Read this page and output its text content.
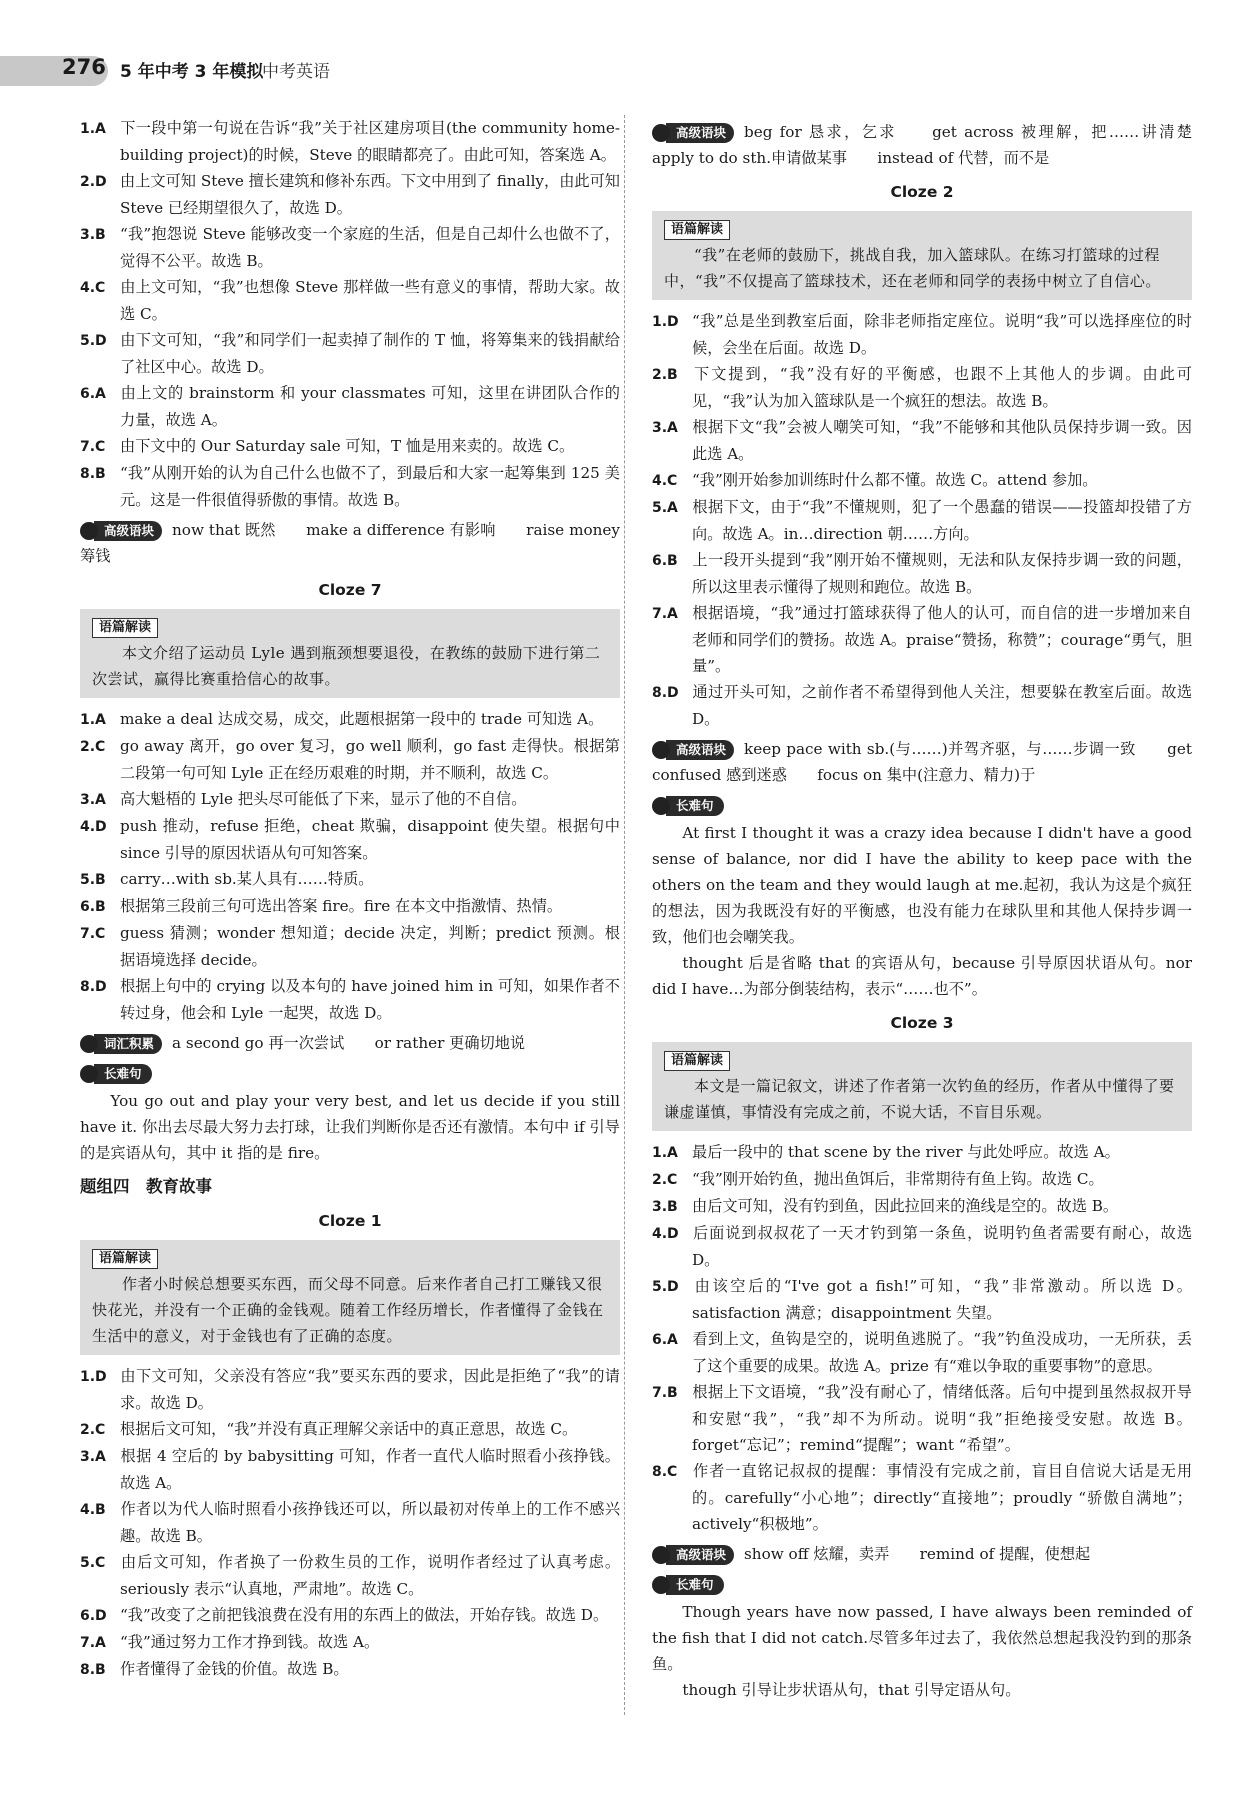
276 5 年中考 3 年模拟
中考英语

1.A 下一段中第一句说在告诉“我”关于社区建房项目(the community home-building project)的时候，Steve 的眼睛都亮了。由此可知，答案选 A。

2.D 由上文可知 Steve 擅长建筑和修补东西。下文中用到了 finally，由此可知 Steve 已经期望很久了，故选 D。

3.B “我”抱怨说 Steve 能够改变一个家庭的生活，但是自己却什么也做不了，觉得不公平。故选 B。

4.C 由上文可知，“我”也想像 Steve 那样做一些有意义的事情，帮助大家。故选 C。

5.D 由下文可知，“我”和同学们一起卖掉了制作的 T 恤，将筹集来的钱捐献给了社区中心。故选 D。

6.A 由上文的 brainstorm 和 your classmates 可知，这里在讲团队合作的力量，故选 A。

7.C 由下文中的 Our Saturday sale 可知，T 恤是用来卖的。故选 C。

8.B “我”从刚开始的认为自己什么也做不了，到最后和大家一起筹集到 125 美元。这是一件很值得骄傲的事情。故选 B。

高级语块	now that 既然　　make a difference 有影响　　raise money 筹钱

Cloze 7
语篇解读

本文介绍了运动员 Lyle 遇到瓶颈想要退役，在教练的鼓励下进行第二次尝试，赢得比赛重拾信心的故事。

1.A make a deal 达成交易，成交，此题根据第一段中的 trade 可知选 A。

2.C go away 离开，go over 复习，go well 顺利，go fast 走得快。根据第二段第一句可知 Lyle 正在经历艰难的时期，并不顺利，故选 C。

3.A 高大魁梧的 Lyle 把头尽可能低了下来，显示了他的不自信。

4.D push 推动，refuse 拒绝，cheat 欺骗，disappoint 使失望。根据句中 since 引导的原因状语从句可知答案。

5.B carry…with sb.某人具有……特质。

6.B 根据第三段前三句可选出答案 fire。fire 在本文中指激情、热情。

7.C guess 猜测；wonder 想知道；decide 决定，判断；predict 预测。根据语境选择 decide。

8.D 根据上句中的 crying 以及本句的 have joined him in 可知，如果作者不转过身，他会和 Lyle 一起哭，故选 D。

词汇积累	a second go 再一次尝试　　or rather 更确切地说

长难句

You go out and play your very best, and let us decide if you still have it. 你出去尽最大努力去打球，让我们判断你是否还有激情。本句中 if 引导的是宾语从句，其中 it 指的是 fire。

题组四　教育故事
Cloze 1
语篇解读

作者小时候总想要买东西，而父母不同意。后来作者自己打工赚钱又很快花光，并没有一个正确的金钱观。随着工作经历增长，作者懂得了金钱在生活中的意义，对于金钱也有了正确的态度。

1.D 由下文可知，父亲没有答应“我”要买东西的要求，因此是拒绝了“我”的请求。故选 D。

2.C 根据后文可知，“我”并没有真正理解父亲话中的真正意思，故选 C。

3.A 根据 4 空后的 by babysitting 可知，作者一直代人临时照看小孩挣钱。故选 A。

4.B 作者以为代人临时照看小孩挣钱还可以，所以最初对传单上的工作不感兴趣。故选 B。

5.C 由后文可知，作者换了一份救生员的工作，说明作者经过了认真考虑。seriously 表示“认真地，严肃地”。故选 C。

6.D “我”改变了之前把钱浪费在没有用的东西上的做法，开始存钱。故选 D。

7.A “我”通过努力工作才挣到钱。故选 A。

8.B 作者懂得了金钱的价值。故选 B。

高级语块	beg for 恳求，乞求　　get across 被理解，把……讲清楚　　apply to do sth.申请做某事　　instead of 代替，而不是

Cloze 2
语篇解读

“我”在老师的鼓励下，挑战自我，加入篮球队。在练习打篮球的过程中，“我”不仅提高了篮球技术，还在老师和同学的表扬中树立了自信心。

1.D “我”总是坐到教室后面，除非老师指定座位。说明“我”可以选择座位的时候，会坐在后面。故选 D。

2.B 下文提到，“我”没有好的平衡感，也跟不上其他人的步调。由此可见，“我”认为加入篮球队是一个疯狂的想法。故选 B。

3.A 根据下文“我”会被人嘲笑可知，“我”不能够和其他队员保持步调一致。因此选 A。

4.C “我”刚开始参加训练时什么都不懂。故选 C。attend 参加。

5.A 根据下文，由于“我”不懂规则，犯了一个愚蠢的错误——投篮却投错了方向。故选 A。in…direction 朝……方向。

6.B 上一段开头提到“我”刚开始不懂规则，无法和队友保持步调一致的问题，所以这里表示懂得了规则和跑位。故选 B。

7.A 根据语境，“我”通过打篮球获得了他人的认可，而自信的进一步增加来自老师和同学们的赞扬。故选 A。praise“赞扬，称赞”；courage“勇气，胆量”。

8.D 通过开头可知，之前作者不希望得到他人关注，想要躲在教室后面。故选 D。

高级语块	keep pace with sb.(与……)并驾齐驱，与……步调一致　　get confused 感到迷惑　　focus on 集中(注意力、精力)于

长难句

At first I thought it was a crazy idea because I didn't have a good sense of balance, nor did I have the ability to keep pace with the others on the team and they would laugh at me.起初，我认为这是个疯狂的想法，因为我既没有好的平衡感，也没有能力在球队里和其他人保持步调一致，他们也会嘲笑我。

thought 后是省略 that 的宾语从句，because 引导原因状语从句。nor did I have…为部分倒装结构，表示“……也不”。

Cloze 3
语篇解读

本文是一篇记叙文，讲述了作者第一次钓鱼的经历，作者从中懂得了要谦虚谨慎，事情没有完成之前，不说大话，不盲目乐观。

1.A 最后一段中的 that scene by the river 与此处呼应。故选 A。

2.C “我”刚开始钓鱼，抛出鱼饵后，非常期待有鱼上钩。故选 C。

3.B 由后文可知，没有钓到鱼，因此拉回来的渔线是空的。故选 B。

4.D 后面说到叔叔花了一天才钓到第一条鱼，说明钓鱼者需要有耐心，故选 D。

5.D 由该空后的“I've got a fish!”可知，“我”非常激动。所以选 D。satisfaction 满意；disappointment 失望。

6.A 看到上文，鱼钩是空的，说明鱼逃脱了。“我”钓鱼没成功，一无所获，丢了这个重要的成果。故选 A。prize 有“难以争取的重要事物”的意思。

7.B 根据上下文语境，“我”没有耐心了，情绪低落。后句中提到虽然叔叔开导和安慰“我”，“我”却不为所动。说明“我”拒绝接受安慰。故选 B。forget“忘记”；remind“提醒”；want “希望”。

8.C 作者一直铭记叔叔的提醒：事情没有完成之前，盲目自信说大话是无用的。carefully“小心地”；directly“直接地”；proudly “骄傲自满地”；actively“积极地”。

高级语块	show off 炫耀，卖弄　　remind of 提醒，使想起

长难句

Though years have now passed, I have always been reminded of the fish that I did not catch.尽管多年过去了，我依然总想起我没钓到的那条鱼。

though 引导让步状语从句，that 引导定语从句。
